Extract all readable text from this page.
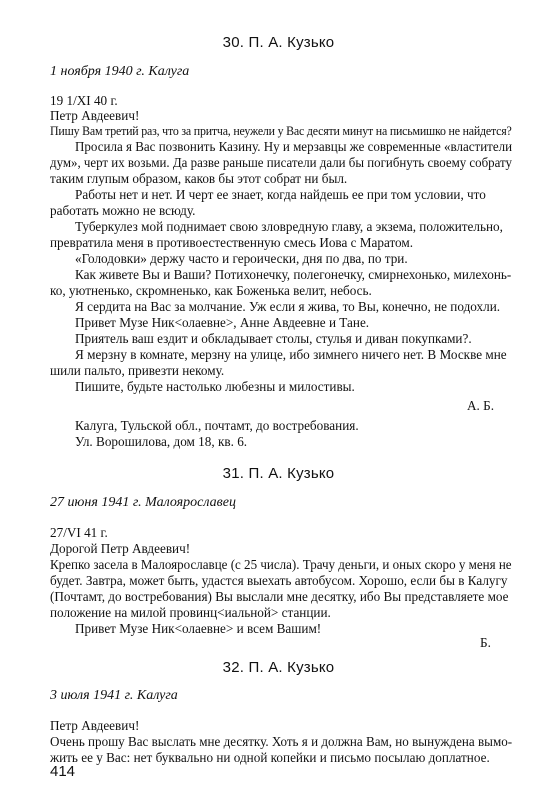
30. П. А. Кузько
1 ноября 1940 г. Калуга
19 1/XI 40 г.
Петр Авдеевич!
Пишу Вам третий раз, что за притча, неужели у Вас десяти минут на письмишко не найдется?
Просила я Вас позвонить Казину. Ну и мерзавцы же современные «властители
дум», черт их возьми. Да разве раньше писатели дали бы погибнуть своему собрату
таким глупым образом, каков бы этот собрат ни был.
Работы нет и нет. И черт ее знает, когда найдешь ее при том условии, что
работать можно не всюду.
Туберкулез мой поднимает свою зловредную главу, а экзема, положительно,
превратила меня в противоестественную смесь Иова с Маратом.
«Голодовки» держу часто и героически, дня по два, по три.
Как живете Вы и Ваши? Потихонечку, полегонечку, смирнехонько, милехонь-
ко, уютненько, скромненько, как Боженька велит, небось.
Я сердита на Вас за молчание. Уж если я жива, то Вы, конечно, не подохли.
Привет Музе Ник<олаевне>, Анне Авдеевне и Тане.
Приятель ваш ездит и обкладывает столы, стулья и диван покупками?.
Я мерзну в комнате, мерзну на улице, ибо зимнего ничего нет. В Москве мне
шили пальто, привезти некому.
Пишите, будьте настолько любезны и милостивы.
А. Б.
Калуга, Тульской обл., почтамт, до востребования.
Ул. Ворошилова, дом 18, кв. 6.
31. П. А. Кузько
27 июня 1941 г. Малоярославец
27/VI 41 г.
Дорогой Петр Авдеевич!
Крепко засела в Малоярославце (с 25 числа). Трачу деньги, и оных скоро у меня не
будет. Завтра, может быть, удастся выехать автобусом. Хорошо, если бы в Калугу
(Почтамт, до востребования) Вы выслали мне десятку, ибо Вы представляете мое
положение на милой провинц<иальной> станции.
Привет Музе Ник<олаевне> и всем Вашим!
Б.
32. П. А. Кузько
3 июля 1941 г. Калуга
Петр Авдеевич!
Очень прошу Вас выслать мне десятку. Хоть я и должна Вам, но вынуждена вымо-
жить ее у Вас: нет буквально ни одной копейки и письмо посылаю доплатное.
414
